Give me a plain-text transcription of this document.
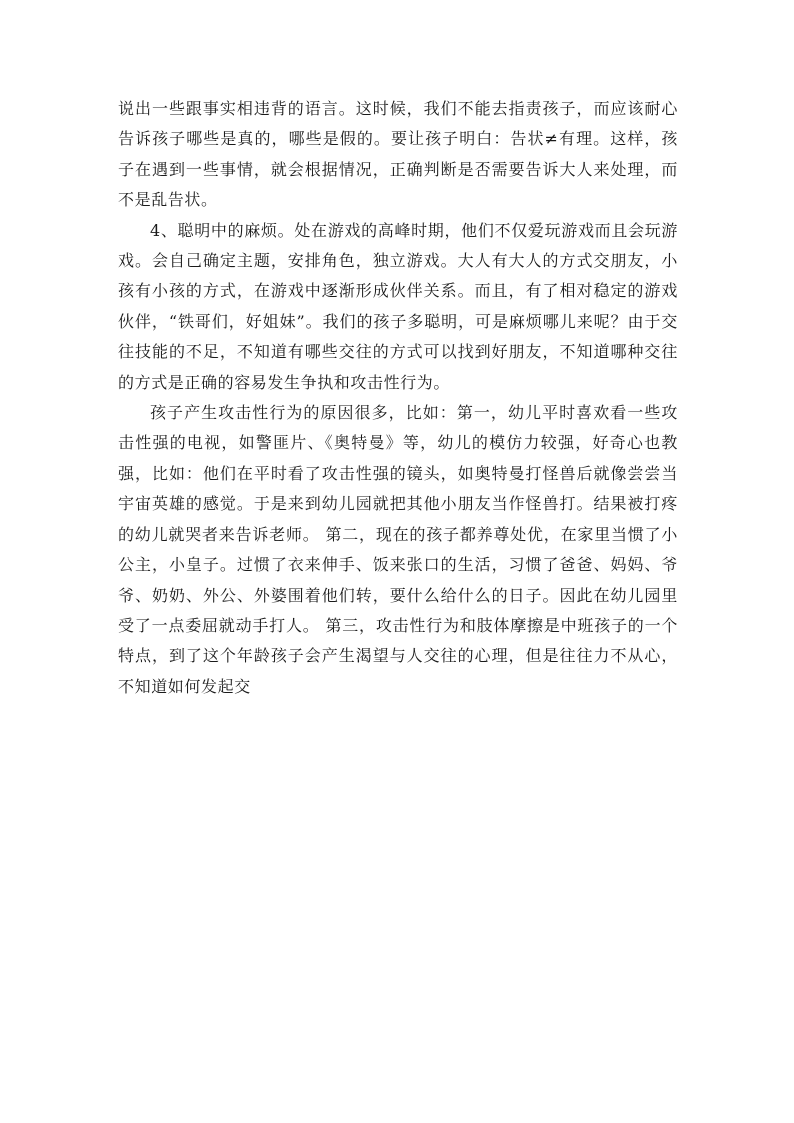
说出一些跟事实相违背的语言。这时候，我们不能去指责孩子，而应该耐心告诉孩子哪些是真的，哪些是假的。要让孩子明白：告状≠有理。这样，孩子在遇到一些事情，就会根据情况，正确判断是否需要告诉大人来处理，而不是乱告状。

4、聪明中的麻烦。处在游戏的高峰时期，他们不仅爱玩游戏而且会玩游戏。会自己确定主题，安排角色，独立游戏。大人有大人的方式交朋友，小孩有小孩的方式，在游戏中逐渐形成伙伴关系。而且，有了相对稳定的游戏伙伴，“铁哥们，好姐妹”。我们的孩子多聪明，可是麻烦哪儿来呢？由于交往技能的不足，不知道有哪些交往的方式可以找到好朋友，不知道哪种交往的方式是正确的容易发生争执和攻击性行为。

孩子产生攻击性行为的原因很多，比如：第一，幼儿平时喜欢看一些攻击性强的电视，如警匪片、《奥特曼》等，幼儿的模仿力较强，好奇心也教强，比如：他们在平时看了攻击性强的镜头，如奥特曼打怪兽后就像尝尝当宇宙英雄的感觉。于是来到幼儿园就把其他小朋友当作怪兽打。结果被打疼的幼儿就哭者来告诉老师。 第二，现在的孩子都养尊处优，在家里当惯了小公主，小皇子。过惯了衣来伸手、饭来张口的生活，习惯了爸爸、妈妈、爷爷、奶奶、外公、外婆围着他们转，要什么给什么的日子。因此在幼儿园里受了一点委屈就动手打人。 第三，攻击性行为和肢体摩擦是中班孩子的一个特点，到了这个年龄孩子会产生渴望与人交往的心理，但是往往力不从心，不知道如何发起交
